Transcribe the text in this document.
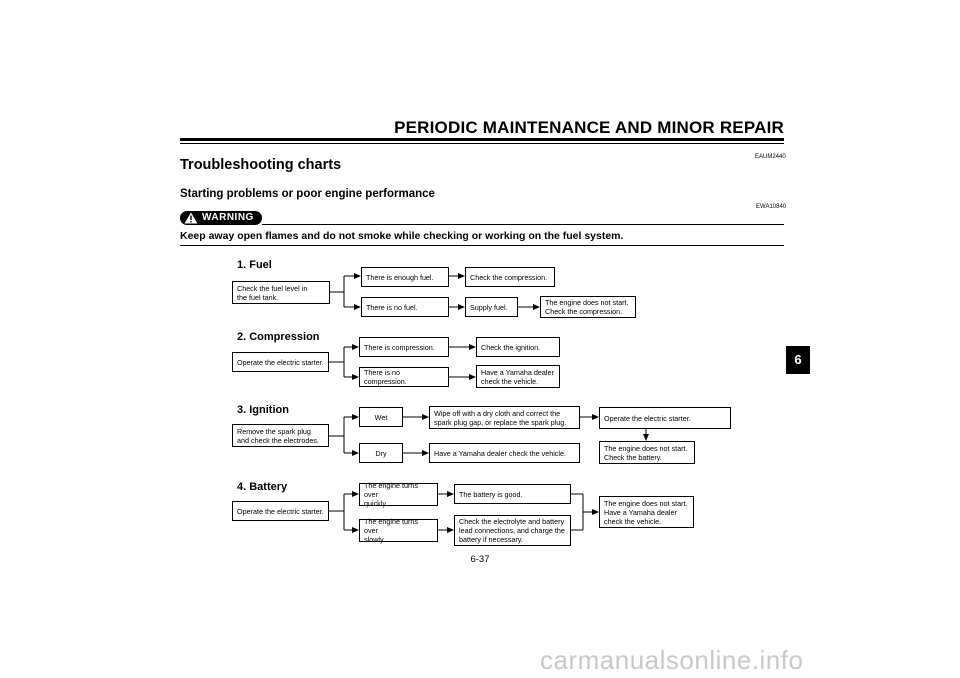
PERIODIC MAINTENANCE AND MINOR REPAIR
EAUM2440
Troubleshooting charts
Starting problems or poor engine performance
EWA10840
WARNING
Keep away open flames and do not smoke while checking or working on the fuel system.
1. Fuel
Check the fuel level in
the fuel tank.
There is enough fuel.	Check the compression.
There is no fuel.	Supply fuel.	The engine does not start.
Check the compression.
2. Compression
Operate the electric starter.
There is compression.	Check the ignition.
There is no compression.
Have a Yamaha dealer
check the vehicle.
3. Ignition
Remove the spark plug
and check the electrodes.
Wet	Wipe off with a dry cloth and correct the
spark plug gap, or replace the spark plug.	Operate the electric starter.
Dry	Have a Yamaha dealer check the vehicle.
The engine does not start.
Check the battery.
4. Battery
Operate the electric starter.
The engine turns over
quickly.
The battery is good.
The engine turns over
slowly.
Check the electrolyte and battery
lead connections, and charge the
battery if necessary.
The engine does not start.
Have a Yamaha dealer
check the vehicle.
6
6-37
carmanualsonline.info
